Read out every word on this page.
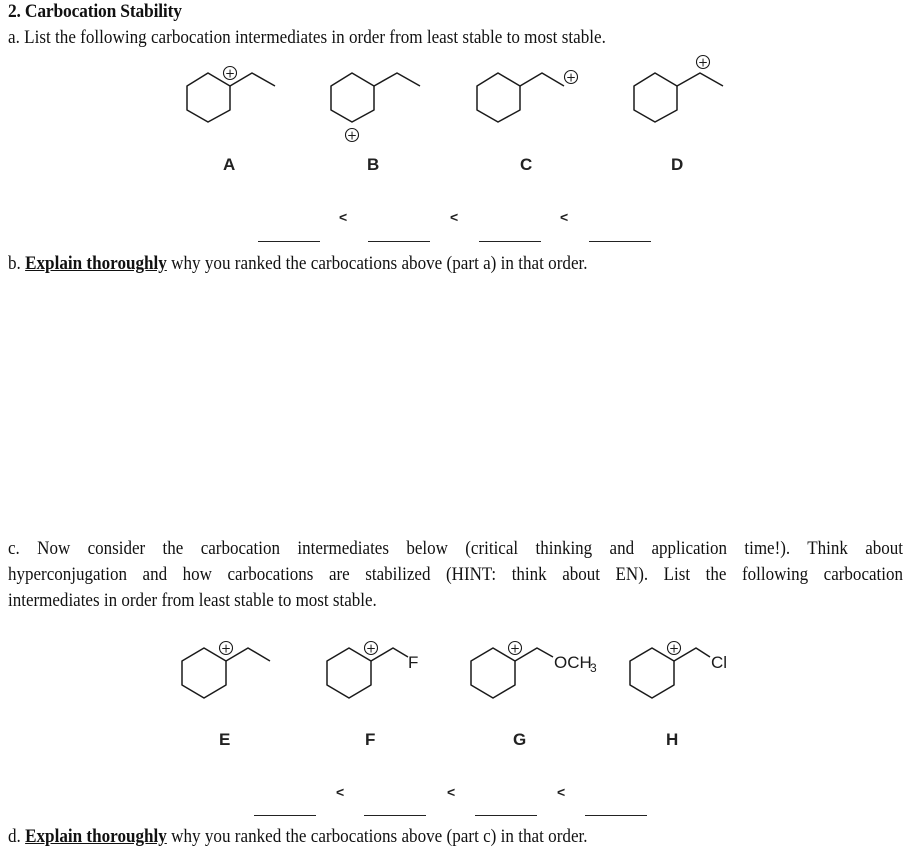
2. Carbocation Stability
a. List the following carbocation intermediates in order from least stable to most stable.
+
+
+
+
+	+
F
+
OCH
3
+
Cl
A	B	C	D
<	<	<
b. Explain thoroughly why you ranked the carbocations above (part a) in that order.
c. Now consider the carbocation intermediates below (critical thinking and application time!). Think about
hyperconjugation and how carbocations are stabilized (HINT: think about EN). List the following carbocation
intermediates in order from least stable to most stable.
E	F	G	H
<	<	<
d. Explain thoroughly why you ranked the carbocations above (part c) in that order.
